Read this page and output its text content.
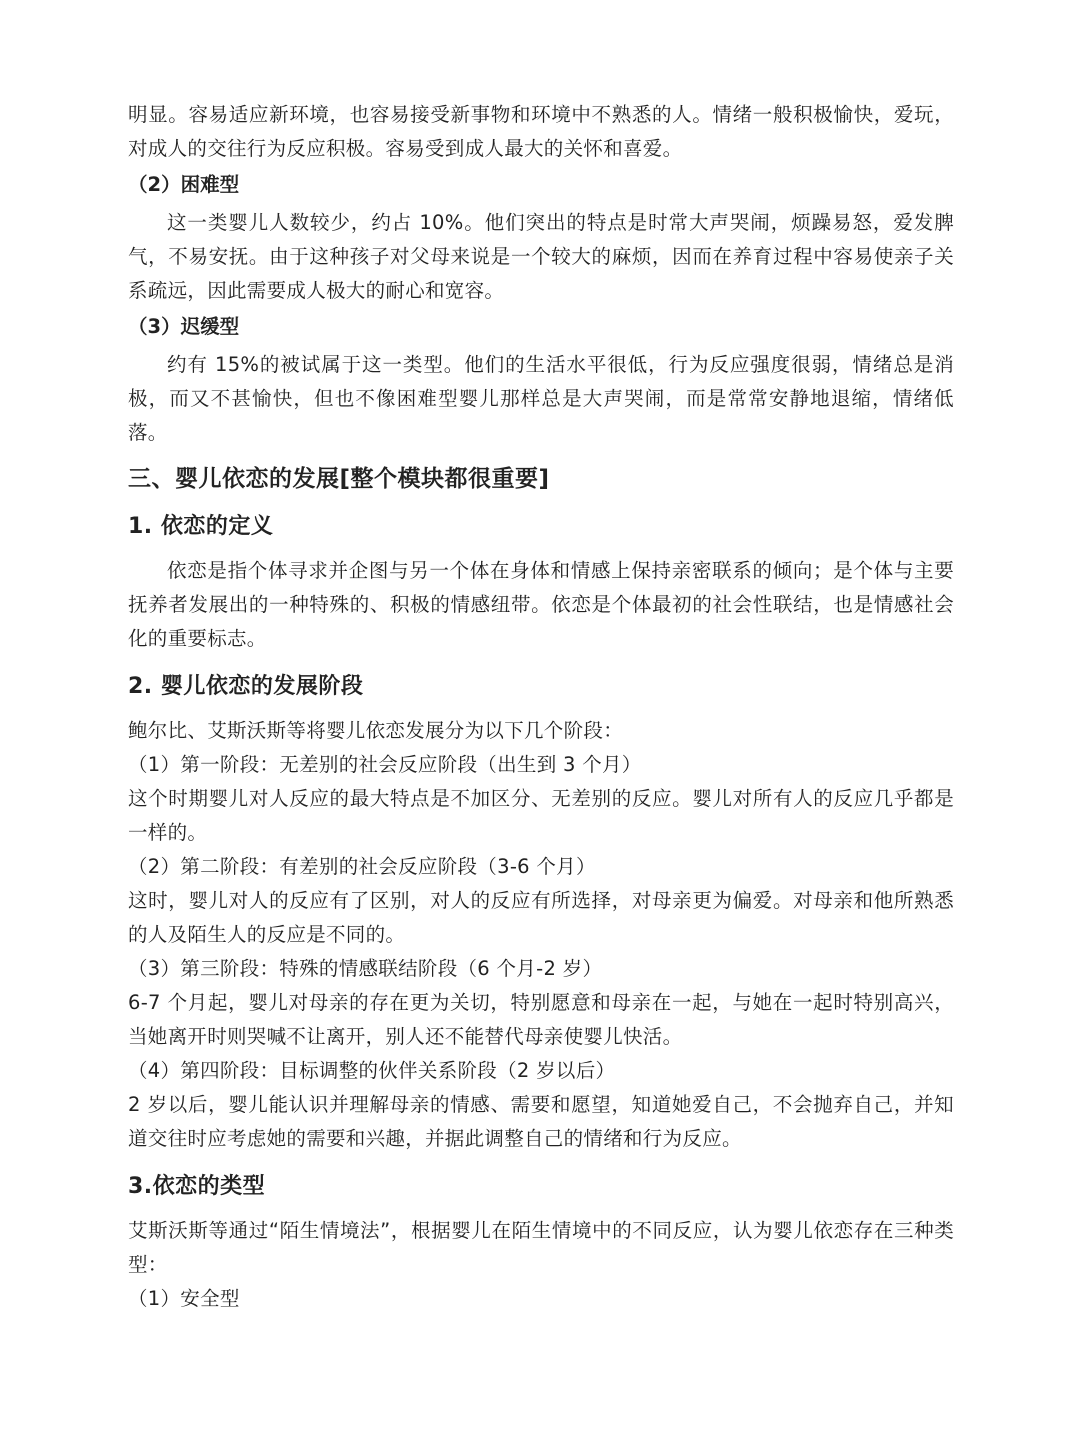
明显。容易适应新环境，也容易接受新事物和环境中不熟悉的人。情绪一般积极愉快，爱玩，对成人的交往行为反应积极。容易受到成人最大的关怀和喜爱。

（2）困难型

这一类婴儿人数较少，约占 10%。他们突出的特点是时常大声哭闹，烦躁易怒，爱发脾气，不易安抚。由于这种孩子对父母来说是一个较大的麻烦，因而在养育过程中容易使亲子关系疏远，因此需要成人极大的耐心和宽容。

（3）迟缓型

约有 15%的被试属于这一类型。他们的生活水平很低，行为反应强度很弱，情绪总是消极，而又不甚愉快，但也不像困难型婴儿那样总是大声哭闹，而是常常安静地退缩，情绪低落。

三、婴儿依恋的发展[整个模块都很重要]
1. 依恋的定义

依恋是指个体寻求并企图与另一个体在身体和情感上保持亲密联系的倾向；是个体与主要抚养者发展出的一种特殊的、积极的情感纽带。依恋是个体最初的社会性联结，也是情感社会化的重要标志。

2. 婴儿依恋的发展阶段

鲍尔比、艾斯沃斯等将婴儿依恋发展分为以下几个阶段：

（1）第一阶段：无差别的社会反应阶段（出生到 3 个月）

这个时期婴儿对人反应的最大特点是不加区分、无差别的反应。婴儿对所有人的反应几乎都是一样的。

（2）第二阶段：有差别的社会反应阶段（3-6 个月）

这时，婴儿对人的反应有了区别，对人的反应有所选择，对母亲更为偏爱。对母亲和他所熟悉的人及陌生人的反应是不同的。

（3）第三阶段：特殊的情感联结阶段（6 个月-2 岁）

6-7 个月起，婴儿对母亲的存在更为关切，特别愿意和母亲在一起，与她在一起时特别高兴，当她离开时则哭喊不让离开，别人还不能替代母亲使婴儿快活。

（4）第四阶段：目标调整的伙伴关系阶段（2 岁以后）

2 岁以后，婴儿能认识并理解母亲的情感、需要和愿望，知道她爱自己，不会抛弃自己，并知道交往时应考虑她的需要和兴趣，并据此调整自己的情绪和行为反应。

3.依恋的类型

艾斯沃斯等通过“陌生情境法”，根据婴儿在陌生情境中的不同反应，认为婴儿依恋存在三种类型：

（1）安全型
